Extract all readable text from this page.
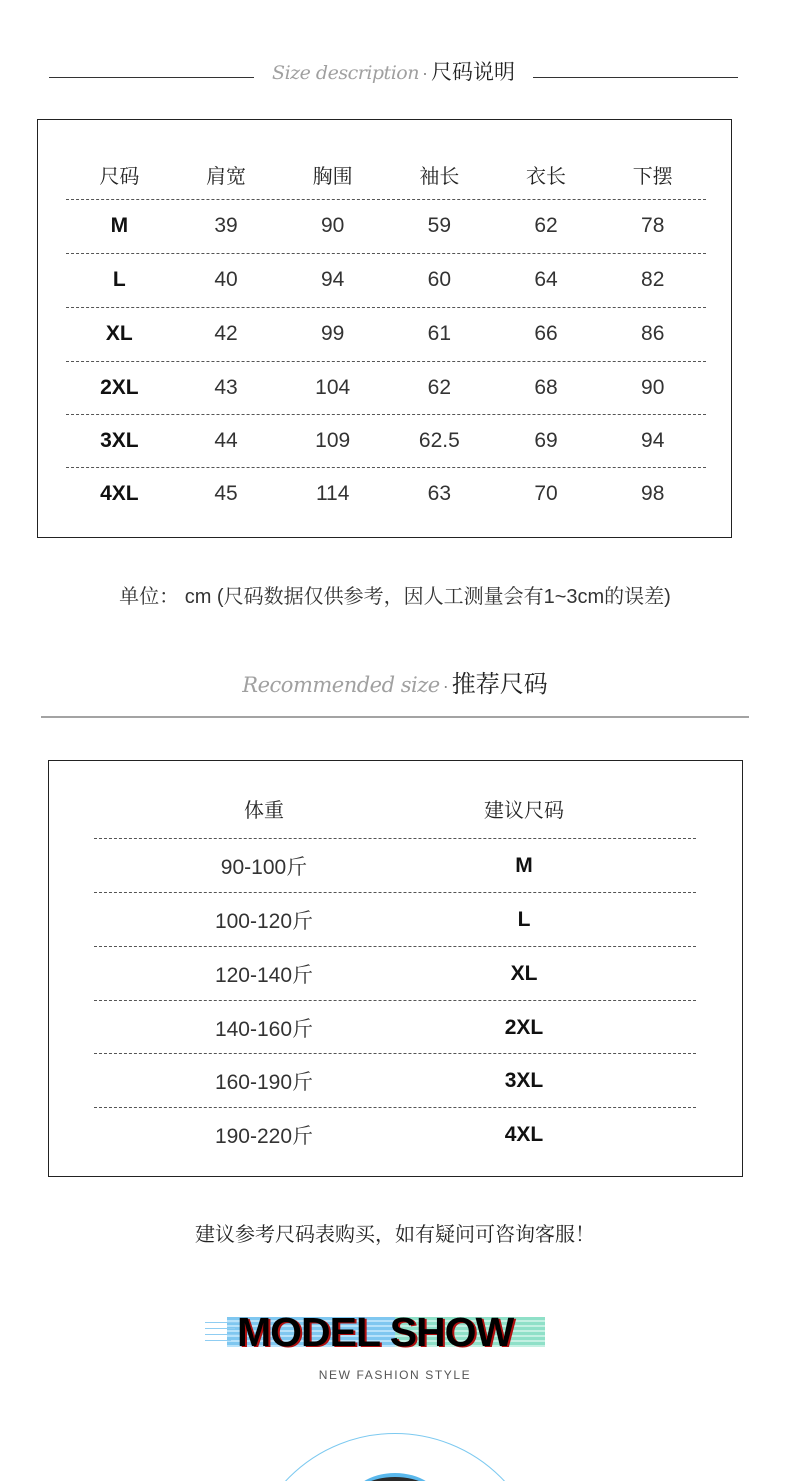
Size description · 尺码说明
尺码	肩宽	胸围	袖长	衣长	下摆
M	39	90	59	62	78
L	40	94	60	64	82
XL	42	99	61	66	86
2XL	43	104	62	68	90
3XL	44	109	62.5	69	94
4XL	45	114	63	70	98
单位： cm (尺码数据仅供参考，因人工测量会有1~3cm的误差)
Recommended size · 推荐尺码
体重	建议尺码
90-100斤	M
100-120斤	L
120-140斤	XL
140-160斤	2XL
160-190斤	3XL
190-220斤	4XL
建议参考尺码表购买，如有疑问可咨询客服！
MODEL SHOW
NEW FASHION STYLE
